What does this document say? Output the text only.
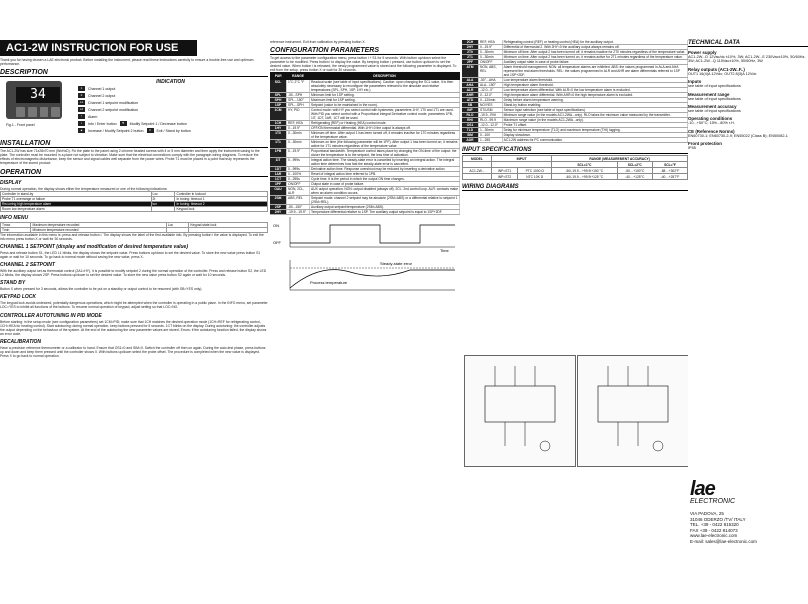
AC1-2W INSTRUCTION FOR USE
Thank you for having chosen a LAE electronic product. Before installing the instrument, please read these instructions carefully to ensure a trouble-free use and optimum performance.
DESCRIPTION
34
Fig.1 - Front panel
INDICATION
1	Channel 1 output
2	Channel 2 output
L1	Channel 1 setpoint modification
L2	Channel 2 setpoint modification
!	Alarm
i	Info / Enter button	▼	Modify Setpoint 1 / Decrease button
▲	Increase / Modify Setpoint 2 button	X	Exit / Stand by button
INSTALLATION
The AC1-2W has size 71x28x70 mm (WxHxD). Fix the plate to the panel using 2 chrome headed screws with 4 or 5 mm diameter and then apply the instrument casing to the plate. The controller must be mounted in a place not subject to vibration. Make sure that the electrical connections comply with the paragraph wiring diagrams. To reduce the effects of electromagnetic disturbance, keep the sensor and signal cables well separate from the power wires. Probe T1 must be placed in a point that truly represents the temperature of the stored product.
OPERATION
DISPLAY
During normal operation, the display shows either the temperature measured or one of the following indications:
Controller in stand-by	Loc	Controller in lockout
Probe T1 overrange or failure	2t	In tuning: timeout 1
Recurring high temperature alarm	tun	In tuning: timeout 2
Room low temperature alarm		Keypad lock
INFO MENU
Tmax	Maximum temperature recorded	Loc	Keypad state lock
Tmin	Minimum temperature recorded		
The information available in this menu is: press and release button i. The display shows the label of the first available info. By pressing button i the value is displayed. To exit the info menu press button X or wait for 30 seconds.
CHANNEL 1 SETPOINT (display and modification of desired temperature value)
Press and release button S1, the LED L1 blinks, the display shows the setpoint value. Press buttons up/down to set the desired value. To store the new value press button S1 again or wait for 10 seconds. To go back to normal mode without saving the new value, press X.
CHANNEL 2 SETPOINT
With the auxiliary output set as thermostat control (2A1=HY), it is possible to modify setpoint 2 during the normal operation of the controller. Press and release button S2, the LED L2 blinks, the display shows 2SP. Press buttons up/down to set the desired value. To store the new value press button S2 again or wait for 10 seconds.
STAND BY
Button X when pressed for 3 seconds, allows the controller to be put on a standby or output control to be resumed (with SB=YES only).
KEYPAD LOCK
The keypad lock avoids undesired, potentially dangerous operations, which might be attempted when the controller is operating in a public place. In the INFO menu, set parameter LOC=YES to inhibit all functions of the buttons. To resume normal operation of keypad, adjust setting so that LOC=NO.
CONTROLLER AUTOTUNING IN PID MODE
Before starting: in the setup mode (see configuration parameters) set 1CM=PID; make sure that 1CH matches the desired operation mode (1CH=REF for refrigerating control, 1CH=HEA for heating control). Start autotuning: during normal operation, keep buttons pressed for 5 seconds. 1CT blinks on the display. During autotuning: the controller adjusts the output depending on the behaviour of the system. At the end of the autotuning the new parameter values are stored. Errors: if the autotuning function failed, the display shows an error code.
RECALIBRATION
Have a precision reference thermometer or a calibrator to hand. Ensure that OS1=0 and SIM=0. Switch the controller off then on again. During the auto-test phase, press buttons up and down and keep them pressed until the controller shows 0. With buttons up/down select the probe offset. The procedure is completed when the new value is displayed. Press X to go back to normal operation.
reference instrument. Exit from calibration by pressing button X.
CONFIGURATION PARAMETERS
To get access to the parameter configuration menu, press button i + S1 for 5 seconds. With button up/down select the parameter to be modified. Press button i to display the value. By keeping button i pressed, use button up/down to set the desired value. When button i is released, the newly programmed value is stored and the following parameter is displayed. To exit from the setup, press button X or wait for 30 seconds.
PAR	RANGE	DESCRIPTION
SCL	1°C 2°C °F	Readout scale (see table of input specifications). Caution: upon changing the SCL value, it is then absolutely necessary to reconfigure the parameters relevant to the absolute and relative temperatures (SPL, SPH, 1SP, 1HY etc.)
SPL	-50...SPH	Minimum limit for 1SP setting.
SPH	SPL...150°	Maximum limit for 1SP setting.
1SP	SPL...SPH	Setpoint (value to be maintained in the room).
1CM	HY, PID	Control mode: with HY you select control with hysteresis; parameters 1HY, 1T0 and 1T1 are used. With PID you select control with a Proportional Integral Derivative control mode; parameters 1PB, 1IT, 1DT, 1AR, 1CT will be used.
1CH	REF, HEA	Refrigerating (REF) or Heating (HEA) control mode.
1HY	0...19.9°	OFF/ON thermostat differential. With 1HY=0 the output is always off.
1T0	0...30min	Minimum off time. After output 1 has been turned off, it remains inactive for 1T0 minutes regardless of the temperature value.
1T1	0...30min	Minimum on time (the following parameter will be 1PF). After output 1 has been turned on, it remains active for 1T1 minutes regardless of the temperature value.
1PB	0...19.9°	Proportional bandwidth. Temperature control takes place by changing the ON-time of the output: the closer the temperature is to the setpoint, the less time of activation.
1IT	0...999s	Integral action time. The steady-state error is cancelled by inserting an integral action. The integral action time determines how fast the steady-state error is cancelled.
1DT	0...999s	Derivative action time. Response overshoot may be reduced by inserting a derivative action.
1AR	0...100%	Reset of integral action time referred to 1PB.
1CT	0...255s	Cycle time. It is the period in which the output ON time changes.
1PF	ON/OFF	Output state in case of probe failure.
OAU	NON, 2CL, ALR	AUX output operation: NON: output disabled (always off). 2CL: 2nd control loop. ALR: contacts make when an alarm condition occurs.
2SM	ABS, REL	Setpoint mode: channel 2 setpoint may be absolute (2SM=ABS) or a differential relative to setpoint 1 (2SM=REL).
2SP	-50...150°	Auxiliary output setpoint/temperature (2SM=ABS).
2HY	-19.9...19.9°	Temperature differential relative to 1SP. The auxiliary output setpoint is equal to 1SP+2DF.
ON
OFF
Time

Steady-state error
Process temperature
2CH	REF, HEA	Refrigerating control (REF) or heating control (HEA) for the auxiliary output.
2HY	0...19.9°	Differential of thermostat 2. With 2HY=0 the auxiliary output always remains off.
2T0	0...30min	Minimum off time. After output 2 has been turned off, it remains inactive for 2T0 minutes regardless of the temperature value.
2T1	0...30min	Minimum on time. After output 2 has been turned on, it remains active for 2T1 minutes regardless of the temperature value.
2PF	ON/OFF	Auxiliary output state in case of probe failure.
ATM	NON, ABS, REL	Alarm threshold management: NON: all temperature alarms are inhibited. ABS: the values programmed in ALA and AHA represent the real alarm thresholds. REL: the values programmed in ALR and AHR are alarm differentials referred to 1SP and 1SP+2DF.
ALA	-50°...AHA	Low temperature alarm threshold.
AHA	ALA...150°	High temperature alarm threshold.
ALR	-12.0...0°	Low temperature alarm differential. With ALR=0 the low temperature alarm is excluded.
AHR	0...12.0°	High temperature alarm differential. With AHR=0 the high temperature alarm is excluded.
ATD	0...120min	Delay before alarm temperature warning.
SB	NO/YES	Stand-by button enabling.
INP	ST/USM	Sensor input selection (see table of input specifications).
RLO	-19.9...RHI	Minimum range value (in the models AC1-2WA...only). RLO takes the minimum value measured by the transmitter.
RHI	RLO...99.9	Maximum range value (in the models AC1-2WA...only).
OS1	-12.0...12.0°	Probe T1 offset.
TLD	1...30min	Delay for minimum temperature (TLO) and maximum temperature (THI) logging.
SIM	0...100	Display slowdown.
ADR	1...255	AC1-2W address for PC communication.
INPUT SPECIFICATIONS
MODEL	INPUT		RANGE (MEASUREMENT ACCURACY)		
			SCL=1°C	SCL=2°C	SCL=°F
AC1-2W...	INP=ST1	PTC 1000 Ω	-50/-19.9…+99.9/+150 °C	-50…+150°C	-58…+302°F
	INP=ST2	NTC 10K Ω	-40/-19.9…+99.9/+125 °C	-40…+125°C	-40…+257°F
WIRING DIAGRAMS
TECHNICAL DATA
Power supply
AC1-2W...D 12Vac/dc ±10%, 3W; AC1-2W...E 230Vac±10%, 50/60Hz, 3W; AC1-2W...Q 115Vac±10%, 50/60Hz, 3W
Relay outputs (AC1-2W..F..)
OUT1 16(4)A 12Vdc; OUT2 8(3)A 12Vdc
Inputs
see table of input specifications
Measurement range
see table of input specifications
Measurement accuracy
see table of input specifications
Operating conditions
-10...+50°C; 15%...80% r.H.
CE (Reference Norms)
EN60730-1; EN60730-2-9; EN55022 (Class B); EN50082-1
Front protection
IP55
lae
ELECTRONIC
VIA PADOVA, 25
31046 ODERZO /TV/ ITALY
TEL. +39 - 0422 815320
FAX +39 - 0422 814073
www.lae-electronic.com
E-mail: sales@lae-electronic.com
